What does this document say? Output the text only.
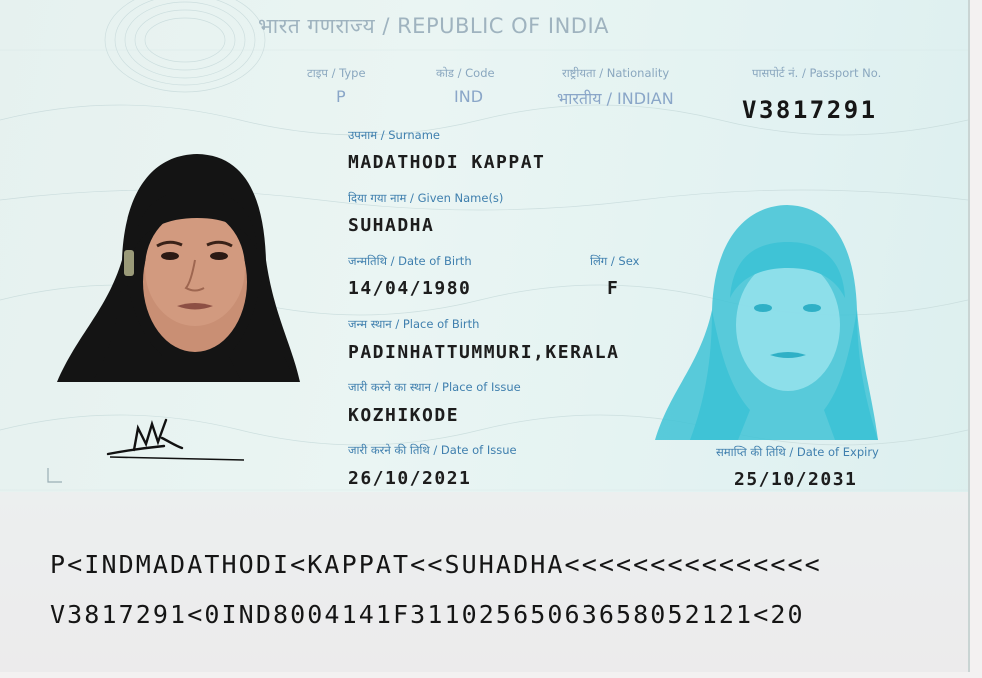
भारत गणराज्य / REPUBLIC OF INDIA
टाइप / Type	कोड / Code	राष्ट्रीयता / Nationality	पासपोर्ट नं. / Passport No.
P	IND	भारतीय / INDIAN	V3817291
उपनाम / Surname
MADATHODI KAPPAT
दिया गया नाम / Given Name(s)
SUHADHA
जन्मतिथि / Date of Birth
14/04/1980
लिंग / Sex
F
जन्म स्थान / Place of Birth
PADINHATTUMMURI,KERALA
जारी करने का स्थान / Place of Issue
KOZHIKODE
जारी करने की तिथि / Date of Issue
26/10/2021
समाप्ति की तिथि / Date of Expiry
25/10/2031
P<INDMADATHODI<KAPPAT<<SUHADHA<<<<<<<<<<<<<<<
V3817291<0IND8004141F31102565063658052121<20
